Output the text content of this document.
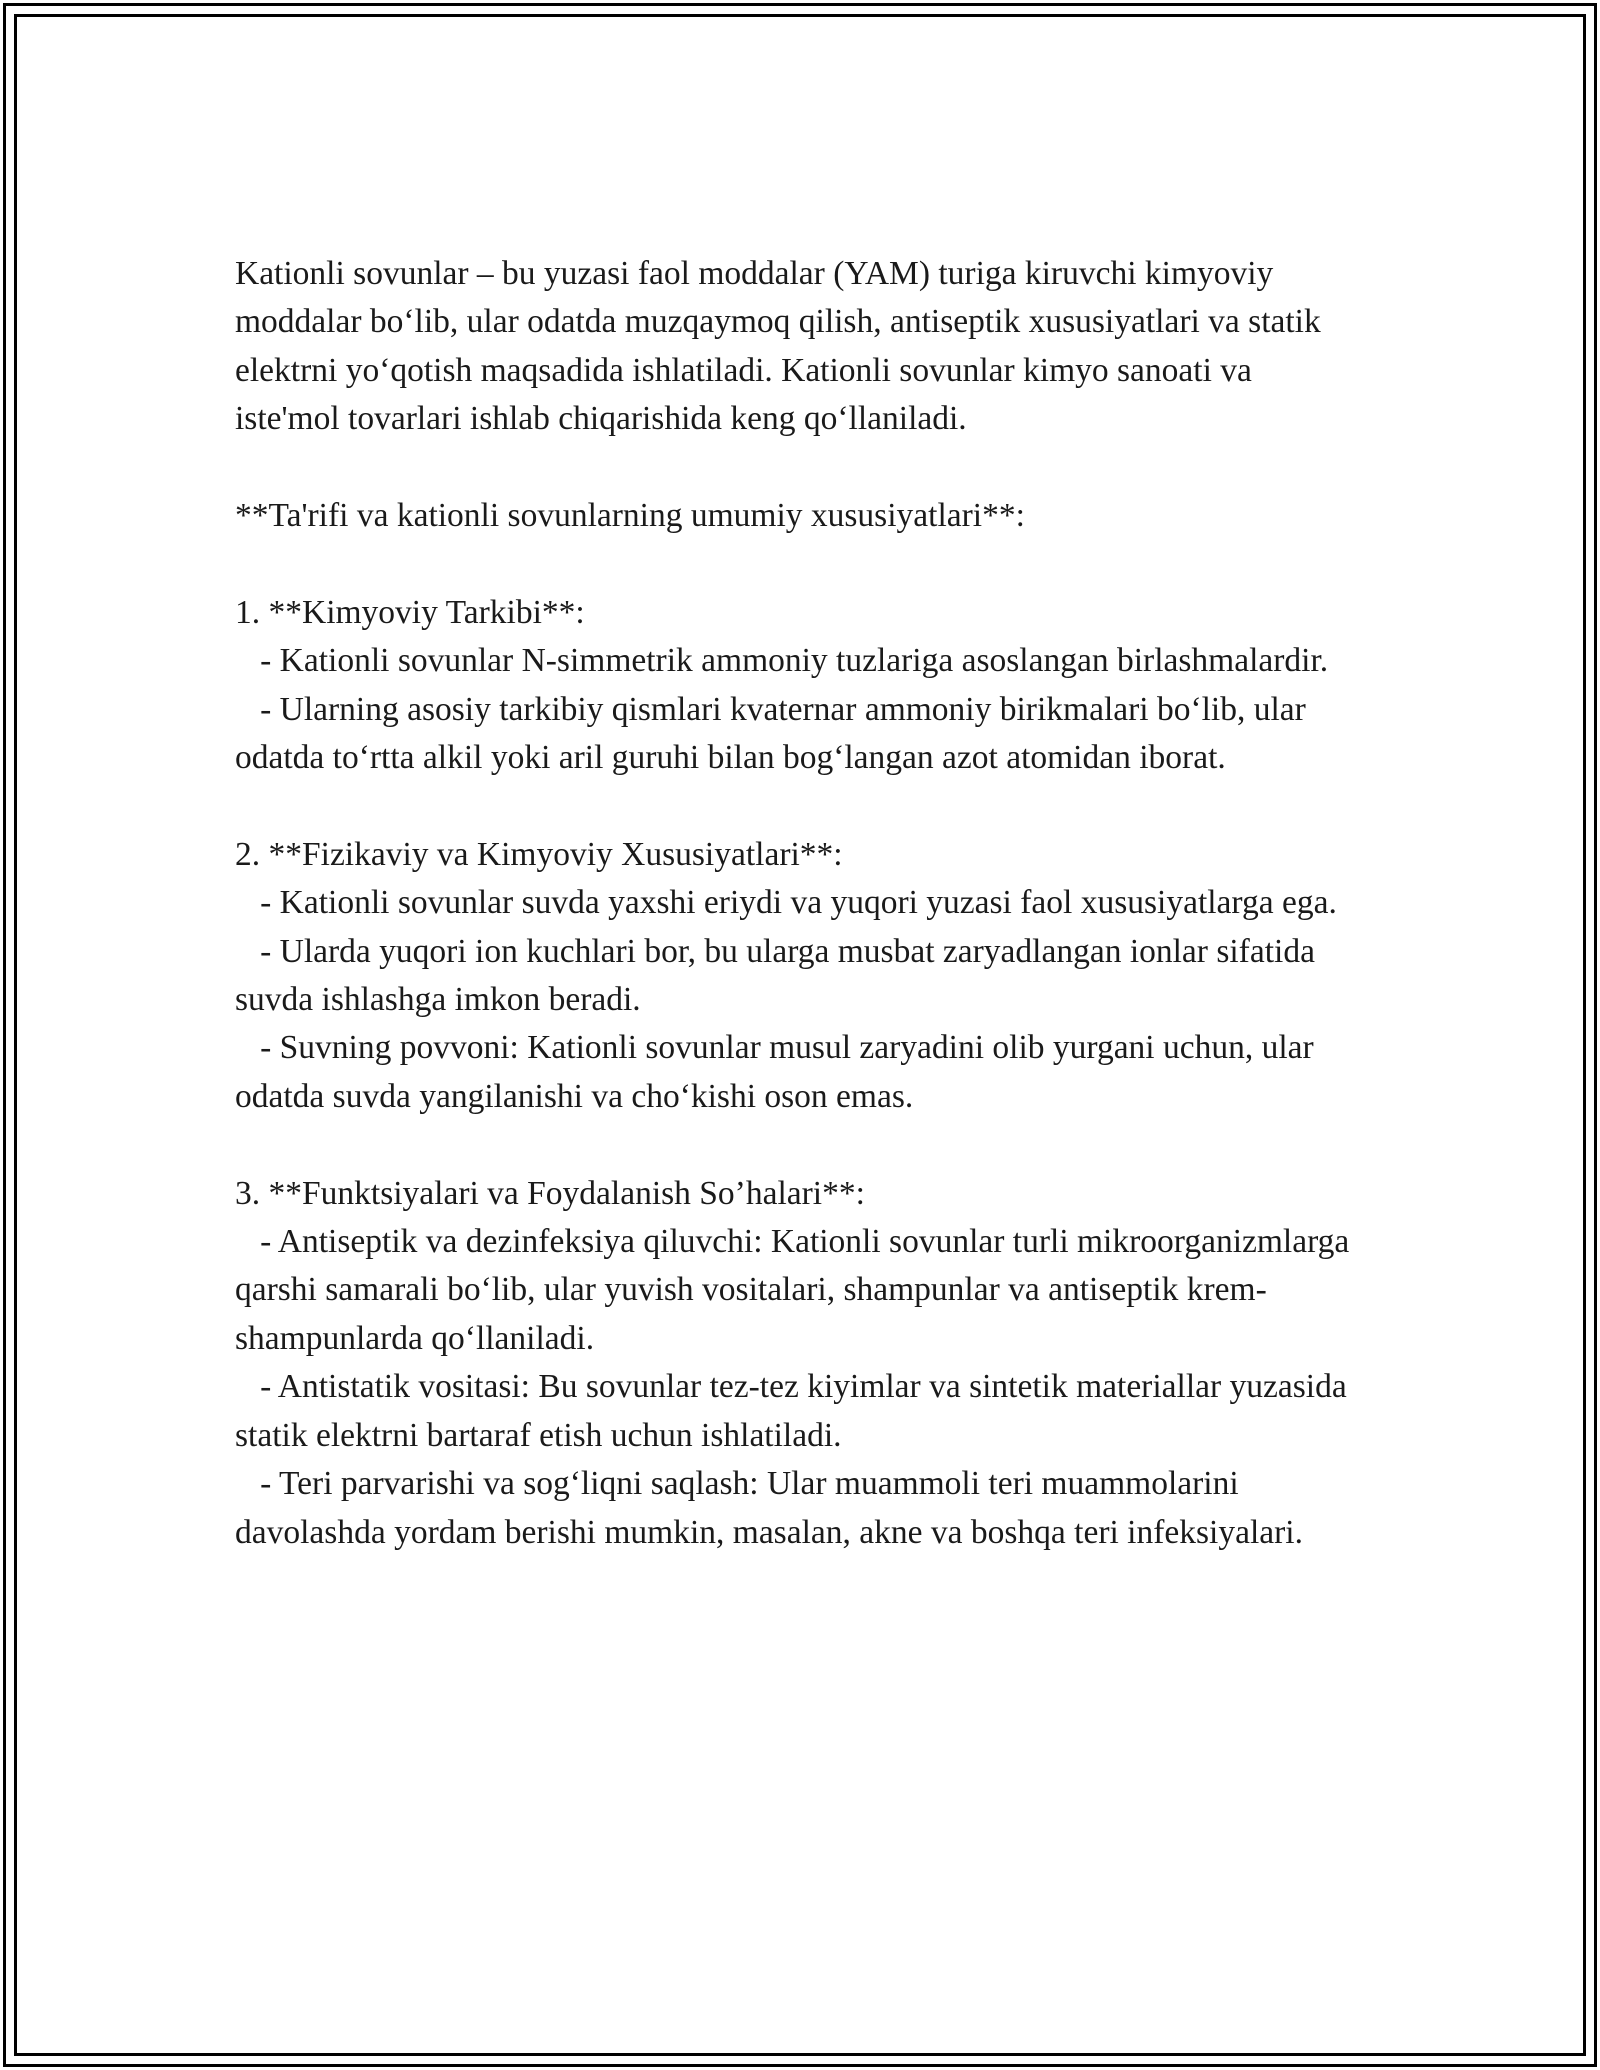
Kationli sovunlar – bu yuzasi faol moddalar (YAM) turiga kiruvchi kimyoviy moddalar bo‘lib, ular odatda muzqaymoq qilish, antiseptik xususiyatlari va statik elektrni yo‘qotish maqsadida ishlatiladi. Kationli sovunlar kimyo sanoati va iste'mol tovarlari ishlab chiqarishida keng qo‘llaniladi.

**Ta'rifi va kationli sovunlarning umumiy xususiyatlari**:

1. **Kimyoviy Tarkibi**:

- Kationli sovunlar N-simmetrik ammoniy tuzlariga asoslangan birlashmalardir.

- Ularning asosiy tarkibiy qismlari kvaternar ammoniy birikmalari bo‘lib, ular odatda to‘rtta alkil yoki aril guruhi bilan bog‘langan azot atomidan iborat.

2. **Fizikaviy va Kimyoviy Xususiyatlari**:

- Kationli sovunlar suvda yaxshi eriydi va yuqori yuzasi faol xususiyatlarga ega.

- Ularda yuqori ion kuchlari bor, bu ularga musbat zaryadlangan ionlar sifatida suvda ishlashga imkon beradi.

- Suvning povvoni: Kationli sovunlar musul zaryadini olib yurgani uchun, ular odatda suvda yangilanishi va cho‘kishi oson emas.

3. **Funktsiyalari va Foydalanish So’halari**:

- Antiseptik va dezinfeksiya qiluvchi: Kationli sovunlar turli mikroorganizmlarga qarshi samarali bo‘lib, ular yuvish vositalari, shampunlar va antiseptik krem-shampunlarda qo‘llaniladi.

- Antistatik vositasi: Bu sovunlar tez-tez kiyimlar va sintetik materiallar yuzasida statik elektrni bartaraf etish uchun ishlatiladi.

- Teri parvarishi va sog‘liqni saqlash: Ular muammoli teri muammolarini davolashda yordam berishi mumkin, masalan, akne va boshqa teri infeksiyalari.
